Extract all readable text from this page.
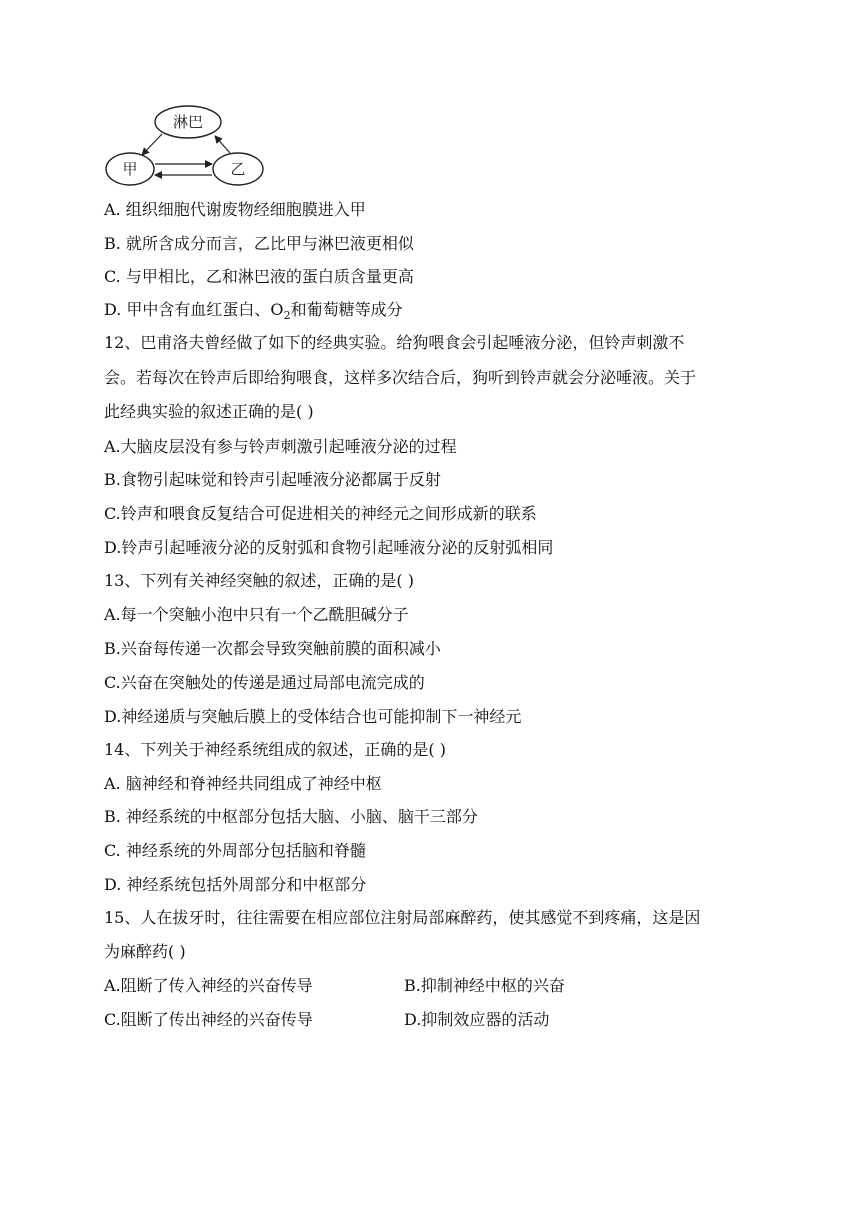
淋巴
甲	乙
A. 组织细胞代谢废物经细胞膜进入甲
B. 就所含成分而言，乙比甲与淋巴液更相似
C. 与甲相比，乙和淋巴液的蛋白质含量更高
D. 甲中含有血红蛋白、$O_2$和葡萄糖等成分
12、巴甫洛夫曾经做了如下的经典实验。给狗喂食会引起唾液分泌，但铃声刺激不
会。若每次在铃声后即给狗喂食，这样多次结合后，狗听到铃声就会分泌唾液。关于
此经典实验的叙述正确的是( )
A.大脑皮层没有参与铃声刺激引起唾液分泌的过程
B.食物引起味觉和铃声引起唾液分泌都属于反射
C.铃声和喂食反复结合可促进相关的神经元之间形成新的联系
D.铃声引起唾液分泌的反射弧和食物引起唾液分泌的反射弧相同
13、下列有关神经突触的叙述，正确的是( )
A.每一个突触小泡中只有一个乙酰胆碱分子
B.兴奋每传递一次都会导致突触前膜的面积减小
C.兴奋在突触处的传递是通过局部电流完成的
D.神经递质与突触后膜上的受体结合也可能抑制下一神经元
14、下列关于神经系统组成的叙述，正确的是( )
A. 脑神经和脊神经共同组成了神经中枢
B. 神经系统的中枢部分包括大脑、小脑、脑干三部分
C. 神经系统的外周部分包括脑和脊髓
D. 神经系统包括外周部分和中枢部分
15、人在拔牙时，往往需要在相应部位注射局部麻醉药，使其感觉不到疼痛，这是因
为麻醉药( )
A.阻断了传入神经的兴奋传导	B.抑制神经中枢的兴奋
C.阻断了传出神经的兴奋传导	D.抑制效应器的活动
